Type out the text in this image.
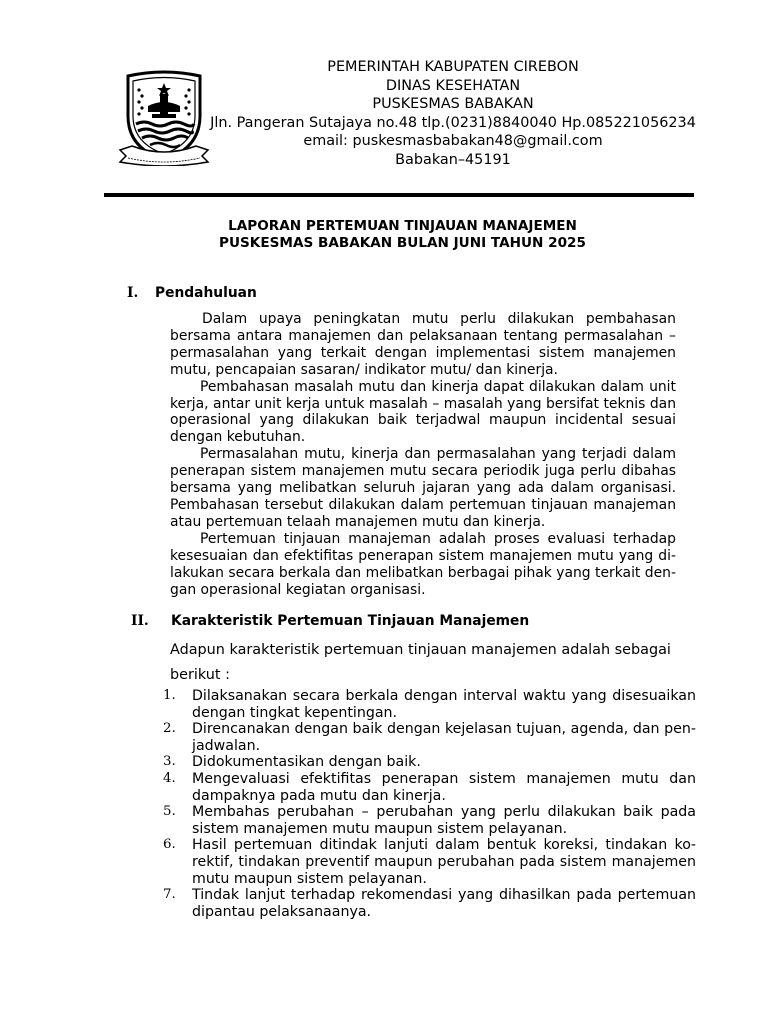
PEMERINTAH KABUPATEN CIREBON
DINAS KESEHATAN
PUSKESMAS BABAKAN
Jln. Pangeran Sutajaya no.48 tlp.(0231)8840040 Hp.085221056234
email: puskesmasbabakan48@gmail.com
Babakan–45191
LAPORAN PERTEMUAN TINJAUAN MANAJEMEN
PUSKESMAS BABAKAN BULAN JUNI TAHUN 2025
I. Pendahuluan

Dalam upaya peningkatan mutu perlu dilakukan pembahasan bersama antara manajemen dan pelaksanaan tentang permasalahan – permasalahan yang terkait dengan implementasi sistem manajemen mutu, pencapaian sasaran/ indikator mutu/ dan kinerja.

Pembahasan masalah mutu dan kinerja dapat dilakukan dalam unit kerja, antar unit kerja untuk masalah – masalah yang bersifat teknis dan operasional yang dilakukan baik terjadwal maupun incidental sesuai dengan kebutuhan.

Permasalahan mutu, kinerja dan permasalahan yang terjadi dalam penerapan sistem manajemen mutu secara periodik juga perlu dibahas bersama yang melibatkan seluruh jajaran yang ada dalam organisasi. Pembahasan tersebut dilakukan dalam pertemuan tinjauan manajeman atau pertemuan telaah manajemen mutu dan kinerja.

Pertemuan tinjauan manajeman adalah proses evaluasi terhadap kesesuaian dan efektifitas penerapan sistem manajemen mutu yang dilakukan secara berkala dan melibatkan berbagai pihak yang terkait dengan operasional kegiatan organisasi.

II. Karakteristik Pertemuan Tinjauan Manajemen

Adapun karakteristik pertemuan tinjauan manajemen adalah sebagai

berikut :

1. Dilaksanakan secara berkala dengan interval waktu yang disesuaikan dengan tingkat kepentingan.
2. Direncanakan dengan baik dengan kejelasan tujuan, agenda, dan penjadwalan.
3. Didokumentasikan dengan baik.
4. Mengevaluasi efektifitas penerapan sistem manajemen mutu dan dampaknya pada mutu dan kinerja.
5. Membahas perubahan – perubahan yang perlu dilakukan baik pada sistem manajemen mutu maupun sistem pelayanan.
6. Hasil pertemuan ditindak lanjuti dalam bentuk koreksi, tindakan korektif, tindakan preventif maupun perubahan pada sistem manajemen mutu maupun sistem pelayanan.
7. Tindak lanjut terhadap rekomendasi yang dihasilkan pada pertemuan dipantau pelaksanaanya.
